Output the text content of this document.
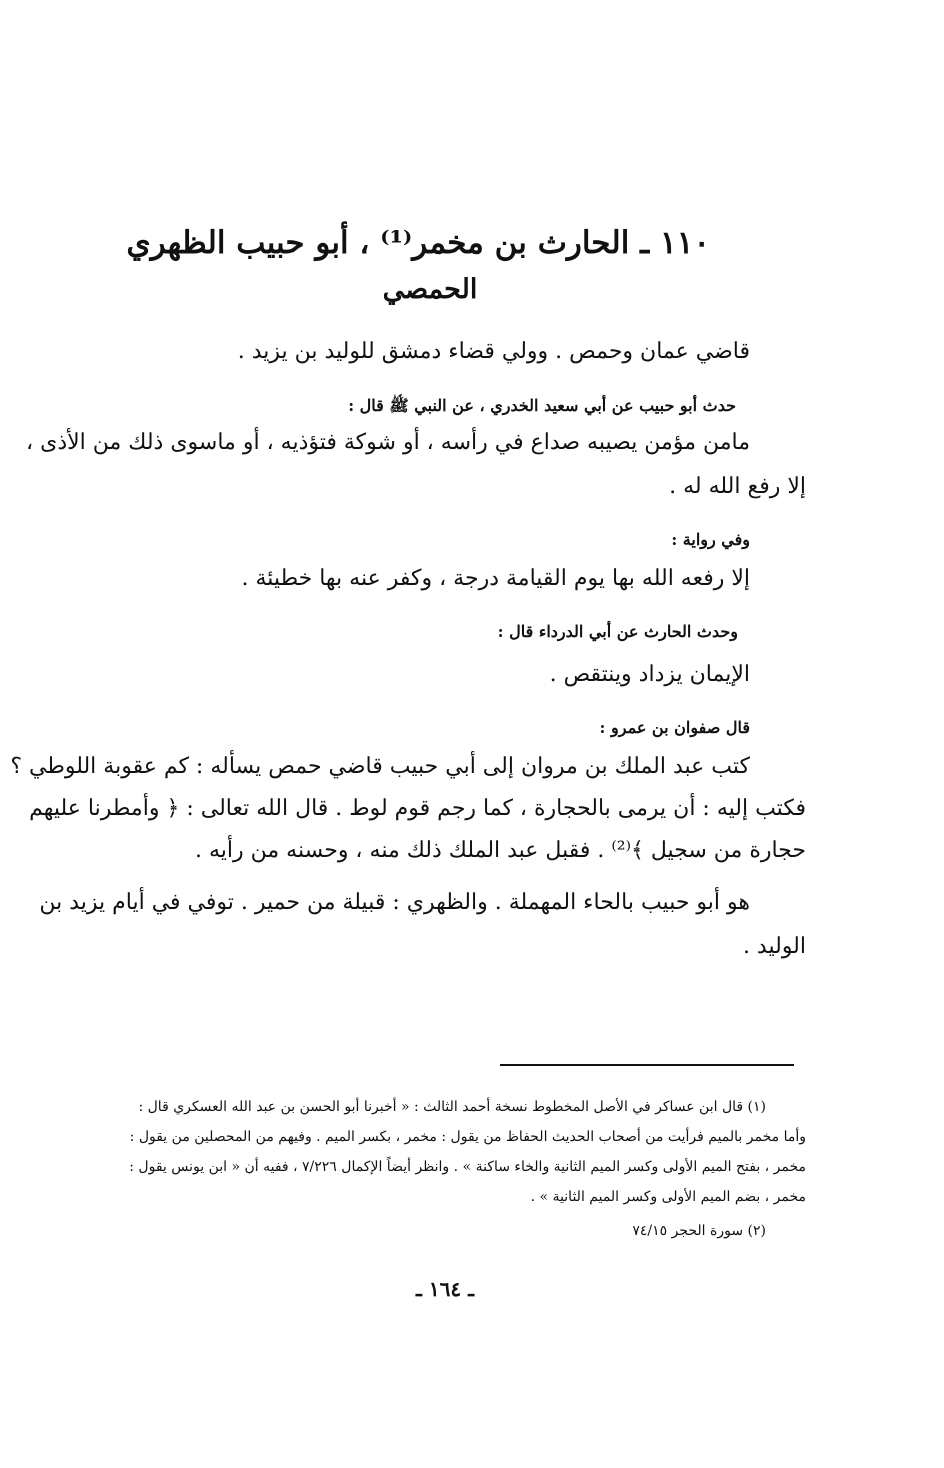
١١٠ ـ الحارث بن مخمر⁽¹⁾ ، أبو حبيب الظهري
الحمصي
قاضي عمان وحمص . وولي قضاء دمشق للوليد بن يزيد .
حدث أبو حبيب عن أبي سعيد الخدري ، عن النبي ﷺ قال :
مامن مؤمن يصيبه صداع في رأسه ، أو شوكة فتؤذيه ، أو ماسوى ذلك من الأذى ،
إلا رفع الله له .
وفي رواية :
إلا رفعه الله بها يوم القيامة درجة ، وكفر عنه بها خطيئة .
وحدث الحارث عن أبي الدرداء قال :
الإيمان يزداد وينتقص .
قال صفوان بن عمرو :
كتب عبد الملك بن مروان إلى أبي حبيب قاضي حمص يسأله : كم عقوبة اللوطي ؟
فكتب إليه : أن يرمى بالحجارة ، كما رجم قوم لوط . قال الله تعالى : ﴿ وأمطرنا عليهم
حجارة من سجيل ﴾⁽²⁾ . فقبل عبد الملك ذلك منه ، وحسنه من رأيه .
هو أبو حبيب بالحاء المهملة . والظهري : قبيلة من حمير . توفي في أيام يزيد بن
الوليد .
(١) قال ابن عساكر في الأصل المخطوط نسخة أحمد الثالث : « أخبرنا أبو الحسن بن عبد الله العسكري قال :
وأما مخمر بالميم فرأيت من أصحاب الحديث الحفاظ من يقول : مخمر ، بكسر الميم . وفيهم من المحصلين من يقول :
مخمر ، بفتح الميم الأولى وكسر الميم الثانية والخاء ساكنة » . وانظر أيضاً الإكمال ٧/٢٢٦ ، ففيه أن « ابن يونس يقول :
مخمر ، بضم الميم الأولى وكسر الميم الثانية » .
(٢) سورة الحجر ٧٤/١٥
ـ ١٦٤ ـ
